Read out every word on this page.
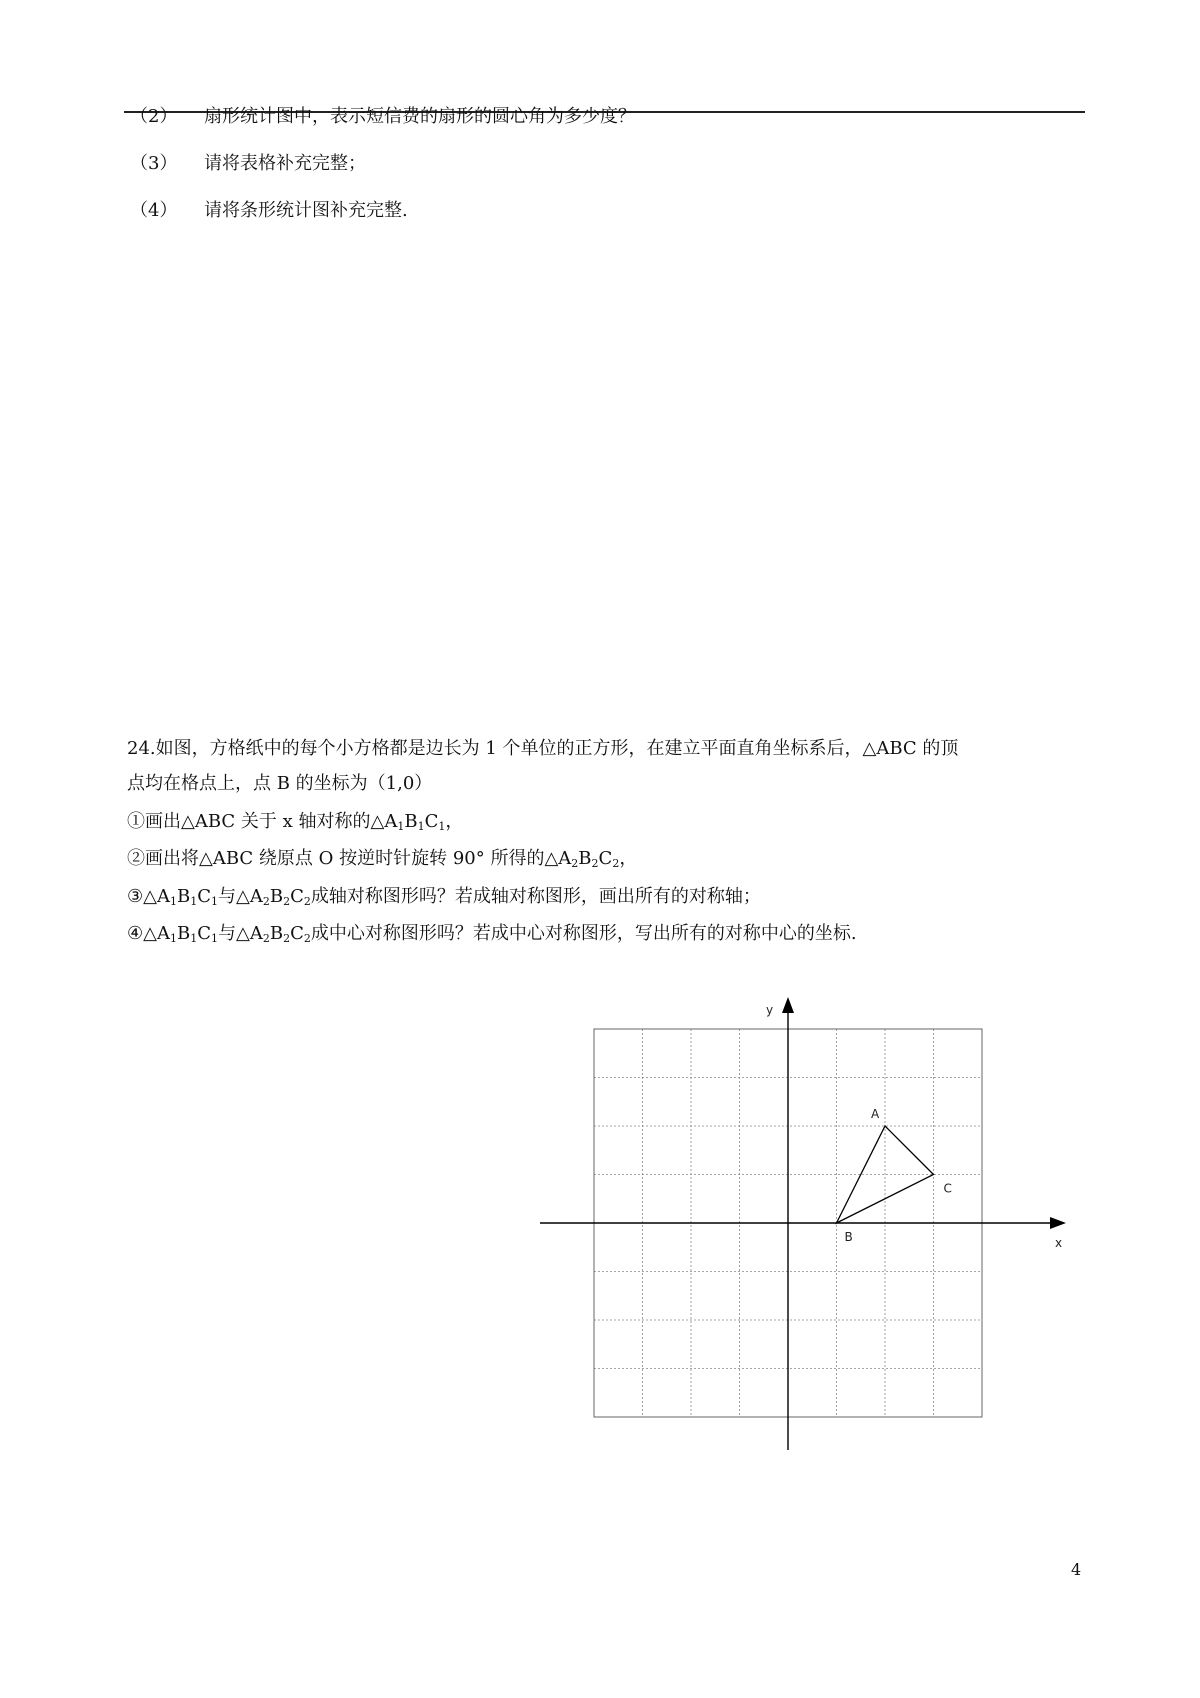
（2） 扇形统计图中，表示短信费的扇形的圆心角为多少度？
（3） 请将表格补充完整；
（4） 请将条形统计图补充完整.
24.如图，方格纸中的每个小方格都是边长为 1 个单位的正方形，在建立平面直角坐标系后，△ABC 的顶
点均在格点上，点 B 的坐标为（1,0）
①画出△ABC 关于 x 轴对称的$\triangle A_1B_1C_1$，
②画出将△ABC 绕原点 O 按逆时针旋转 90° 所得的$\triangle A_2B_2C_2$，
$③\triangle A_1B_1C_1$与$\triangle A_2B_2C_2$成轴对称图形吗？若成轴对称图形，画出所有的对称轴；
$④\triangle A_1B_1C_1$与$\triangle A_2B_2C_2$成中心对称图形吗？若成中心对称图形，写出所有的对称中心的坐标.
x
y
A
B
C
4
